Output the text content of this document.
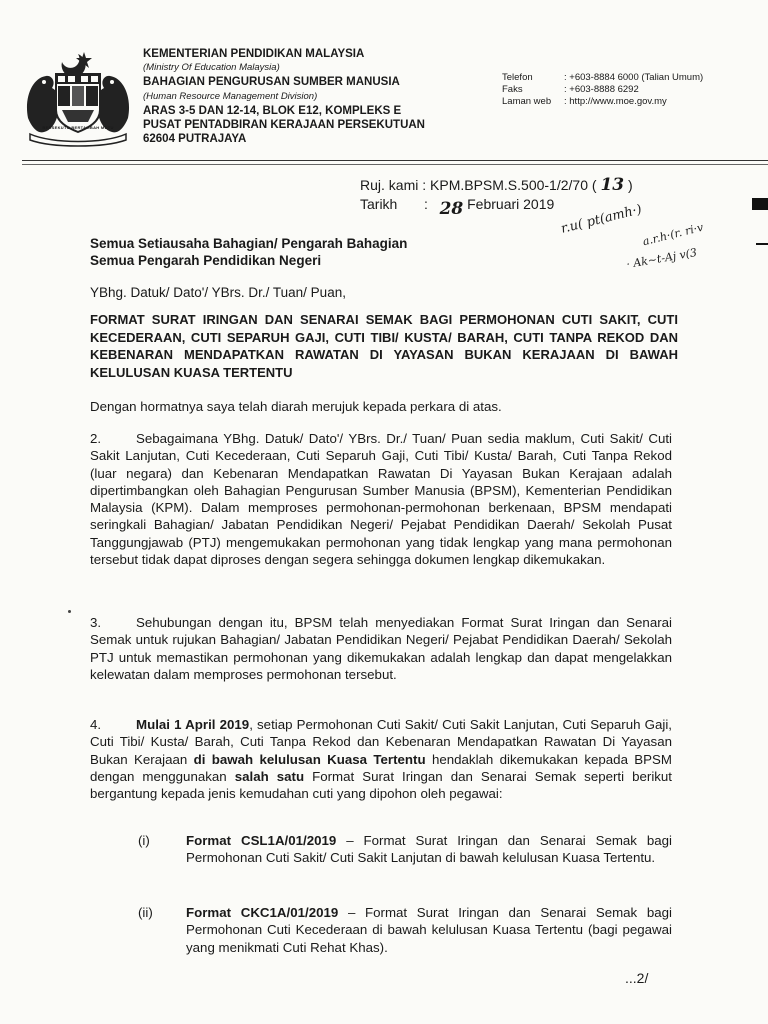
BERSEKUTU BERTAMBAH MUTU
KEMENTERIAN PENDIDIKAN MALAYSIA
(Ministry Of Education Malaysia)
BAHAGIAN PENGURUSAN SUMBER MANUSIA
(Human Resource Management Division)
ARAS 3-5 DAN 12-14, BLOK E12, KOMPLEKS E
PUSAT PENTADBIRAN KERAJAAN PERSEKUTUAN
62604 PUTRAJAYA
Telefon	: +603-8884 6000 (Talian Umum)
Faks	: +603-8888 6292
Laman web	: http://www.moe.gov.my
Ruj. kami :
KPM.BPSM.S.500-1/2/70 (
13
)
Tarikh	:
28
Februari 2019 r.u( pt(amh·)
a.r.h·(r. ri·v
· Ak~t-Aj v(3
Semua Setiausaha Bahagian/ Pengarah Bahagian
Semua Pengarah Pendidikan Negeri
YBhg. Datuk/ Dato'/ YBrs. Dr./ Tuan/ Puan,
FORMAT SURAT IRINGAN DAN SENARAI SEMAK BAGI PERMOHONAN CUTI SAKIT, CUTI KECEDERAAN, CUTI SEPARUH GAJI, CUTI TIBI/ KUSTA/ BARAH, CUTI TANPA REKOD DAN KEBENARAN MENDAPATKAN RAWATAN DI YAYASAN BUKAN KERAJAAN DI BAWAH KELULUSAN KUASA TERTENTU
Dengan hormatnya saya telah diarah merujuk kepada perkara di atas.
2.	Sebagaimana YBhg. Datuk/ Dato'/ YBrs. Dr./ Tuan/ Puan sedia maklum, Cuti Sakit/ Cuti Sakit Lanjutan, Cuti Kecederaan, Cuti Separuh Gaji, Cuti Tibi/ Kusta/ Barah, Cuti Tanpa Rekod (luar negara) dan Kebenaran Mendapatkan Rawatan Di Yayasan Bukan Kerajaan adalah dipertimbangkan oleh Bahagian Pengurusan Sumber Manusia (BPSM), Kementerian Pendidikan Malaysia (KPM). Dalam memproses permohonan-permohonan berkenaan, BPSM mendapati seringkali Bahagian/ Jabatan Pendidikan Negeri/ Pejabat Pendidikan Daerah/ Sekolah Pusat Tanggungjawab (PTJ) mengemukakan permohonan yang tidak lengkap yang mana permohonan tersebut tidak dapat diproses dengan segera sehingga dokumen lengkap dikemukakan.
3.	Sehubungan dengan itu, BPSM telah menyediakan Format Surat Iringan dan Senarai Semak untuk rujukan Bahagian/ Jabatan Pendidikan Negeri/ Pejabat Pendidikan Daerah/ Sekolah PTJ untuk memastikan permohonan yang dikemukakan adalah lengkap dan dapat mengelakkan kelewatan dalam memproses permohonan tersebut.
4.	Mulai 1 April 2019, setiap Permohonan Cuti Sakit/ Cuti Sakit Lanjutan, Cuti Separuh Gaji, Cuti Tibi/ Kusta/ Barah, Cuti Tanpa Rekod dan Kebenaran Mendapatkan Rawatan Di Yayasan Bukan Kerajaan di bawah kelulusan Kuasa Tertentu hendaklah dikemukakan kepada BPSM dengan menggunakan salah satu Format Surat Iringan dan Senarai Semak seperti berikut bergantung kepada jenis kemudahan cuti yang dipohon oleh pegawai:
(i)	Format CSL1A/01/2019 – Format Surat Iringan dan Senarai Semak bagi Permohonan Cuti Sakit/ Cuti Sakit Lanjutan di bawah kelulusan Kuasa Tertentu.
(ii)	Format CKC1A/01/2019 – Format Surat Iringan dan Senarai Semak bagi Permohonan Cuti Kecederaan di bawah kelulusan Kuasa Tertentu (bagi pegawai yang menikmati Cuti Rehat Khas).
...2/
